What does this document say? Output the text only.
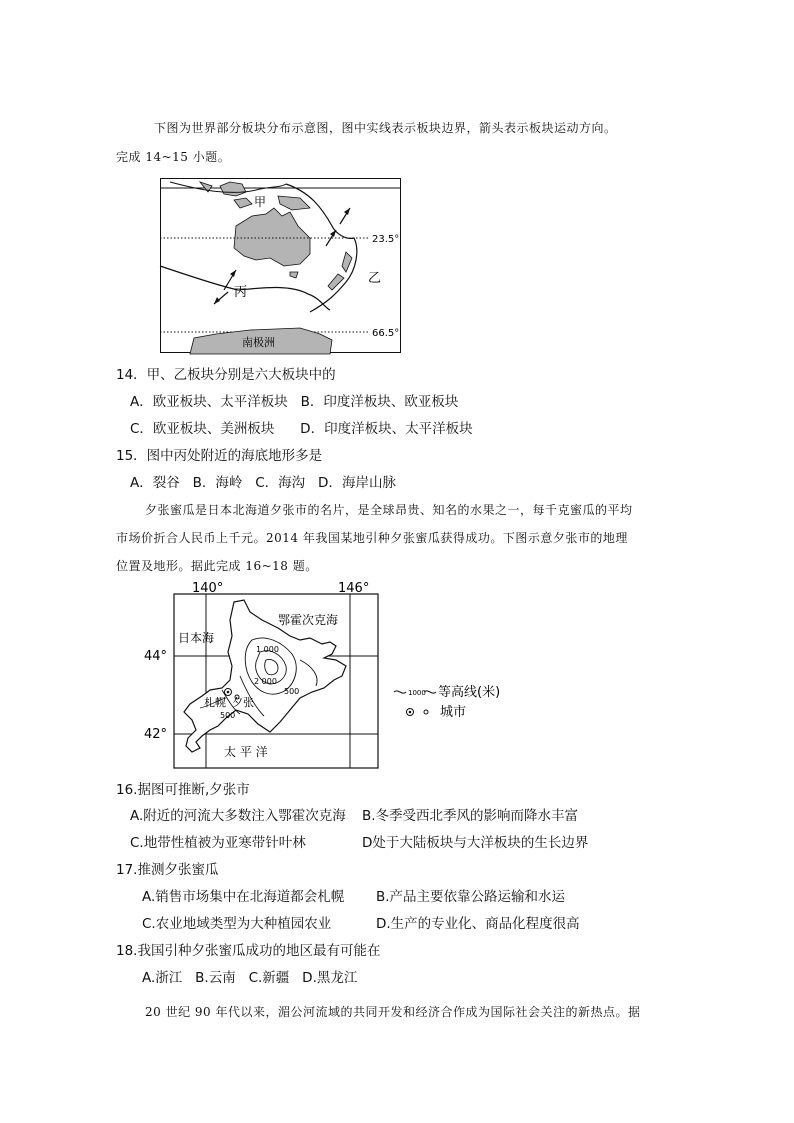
下图为世界部分板块分布示意图，图中实线表示板块边界，箭头表示板块运动方向。
完成 14~15 小题。
甲
乙
丙
23.5°
66.5°
南极洲
14．甲、乙板块分别是六大板块中的
A．欧亚板块、太平洋板块   B．印度洋板块、欧亚板块
C．欧亚板块、美洲板块      D．印度洋板块、太平洋板块
15．图中丙处附近的海底地形多是
A．裂谷   B．海岭   C．海沟   D．海岸山脉
夕张蜜瓜是日本北海道夕张市的名片，是全球昂贵、知名的水果之一，每千克蜜瓜的平均
市场价折合人民币上千元。2014 年我国某地引种夕张蜜瓜获得成功。下图示意夕张市的地理
位置及地形。据此完成 16~18 题。
140°	146°
44°
42°
鄂霍次克海
日本海
太 平 洋
札幌 夕张
1 000
2 000
500
500
1000 等高线(米)
城市
16.据图可推断,夕张市
A.附近的河流大多数注入鄂霍次克海 B.冬季受西北季风的影响而降水丰富
C.地带性植被为亚寒带针叶林	D处于大陆板块与大洋板块的生长边界
17.推测夕张蜜瓜
A.销售市场集中在北海道都会札幌 B.产品主要依靠公路运输和水运
C.农业地域类型为大种植园农业	D.生产的专业化、商品化程度很高
18.我国引种夕张蜜瓜成功的地区最有可能在
A.浙江   B.云南   C.新疆   D.黑龙江
20 世纪 90 年代以来，湄公河流域的共同开发和经济合作成为国际社会关注的新热点。据
